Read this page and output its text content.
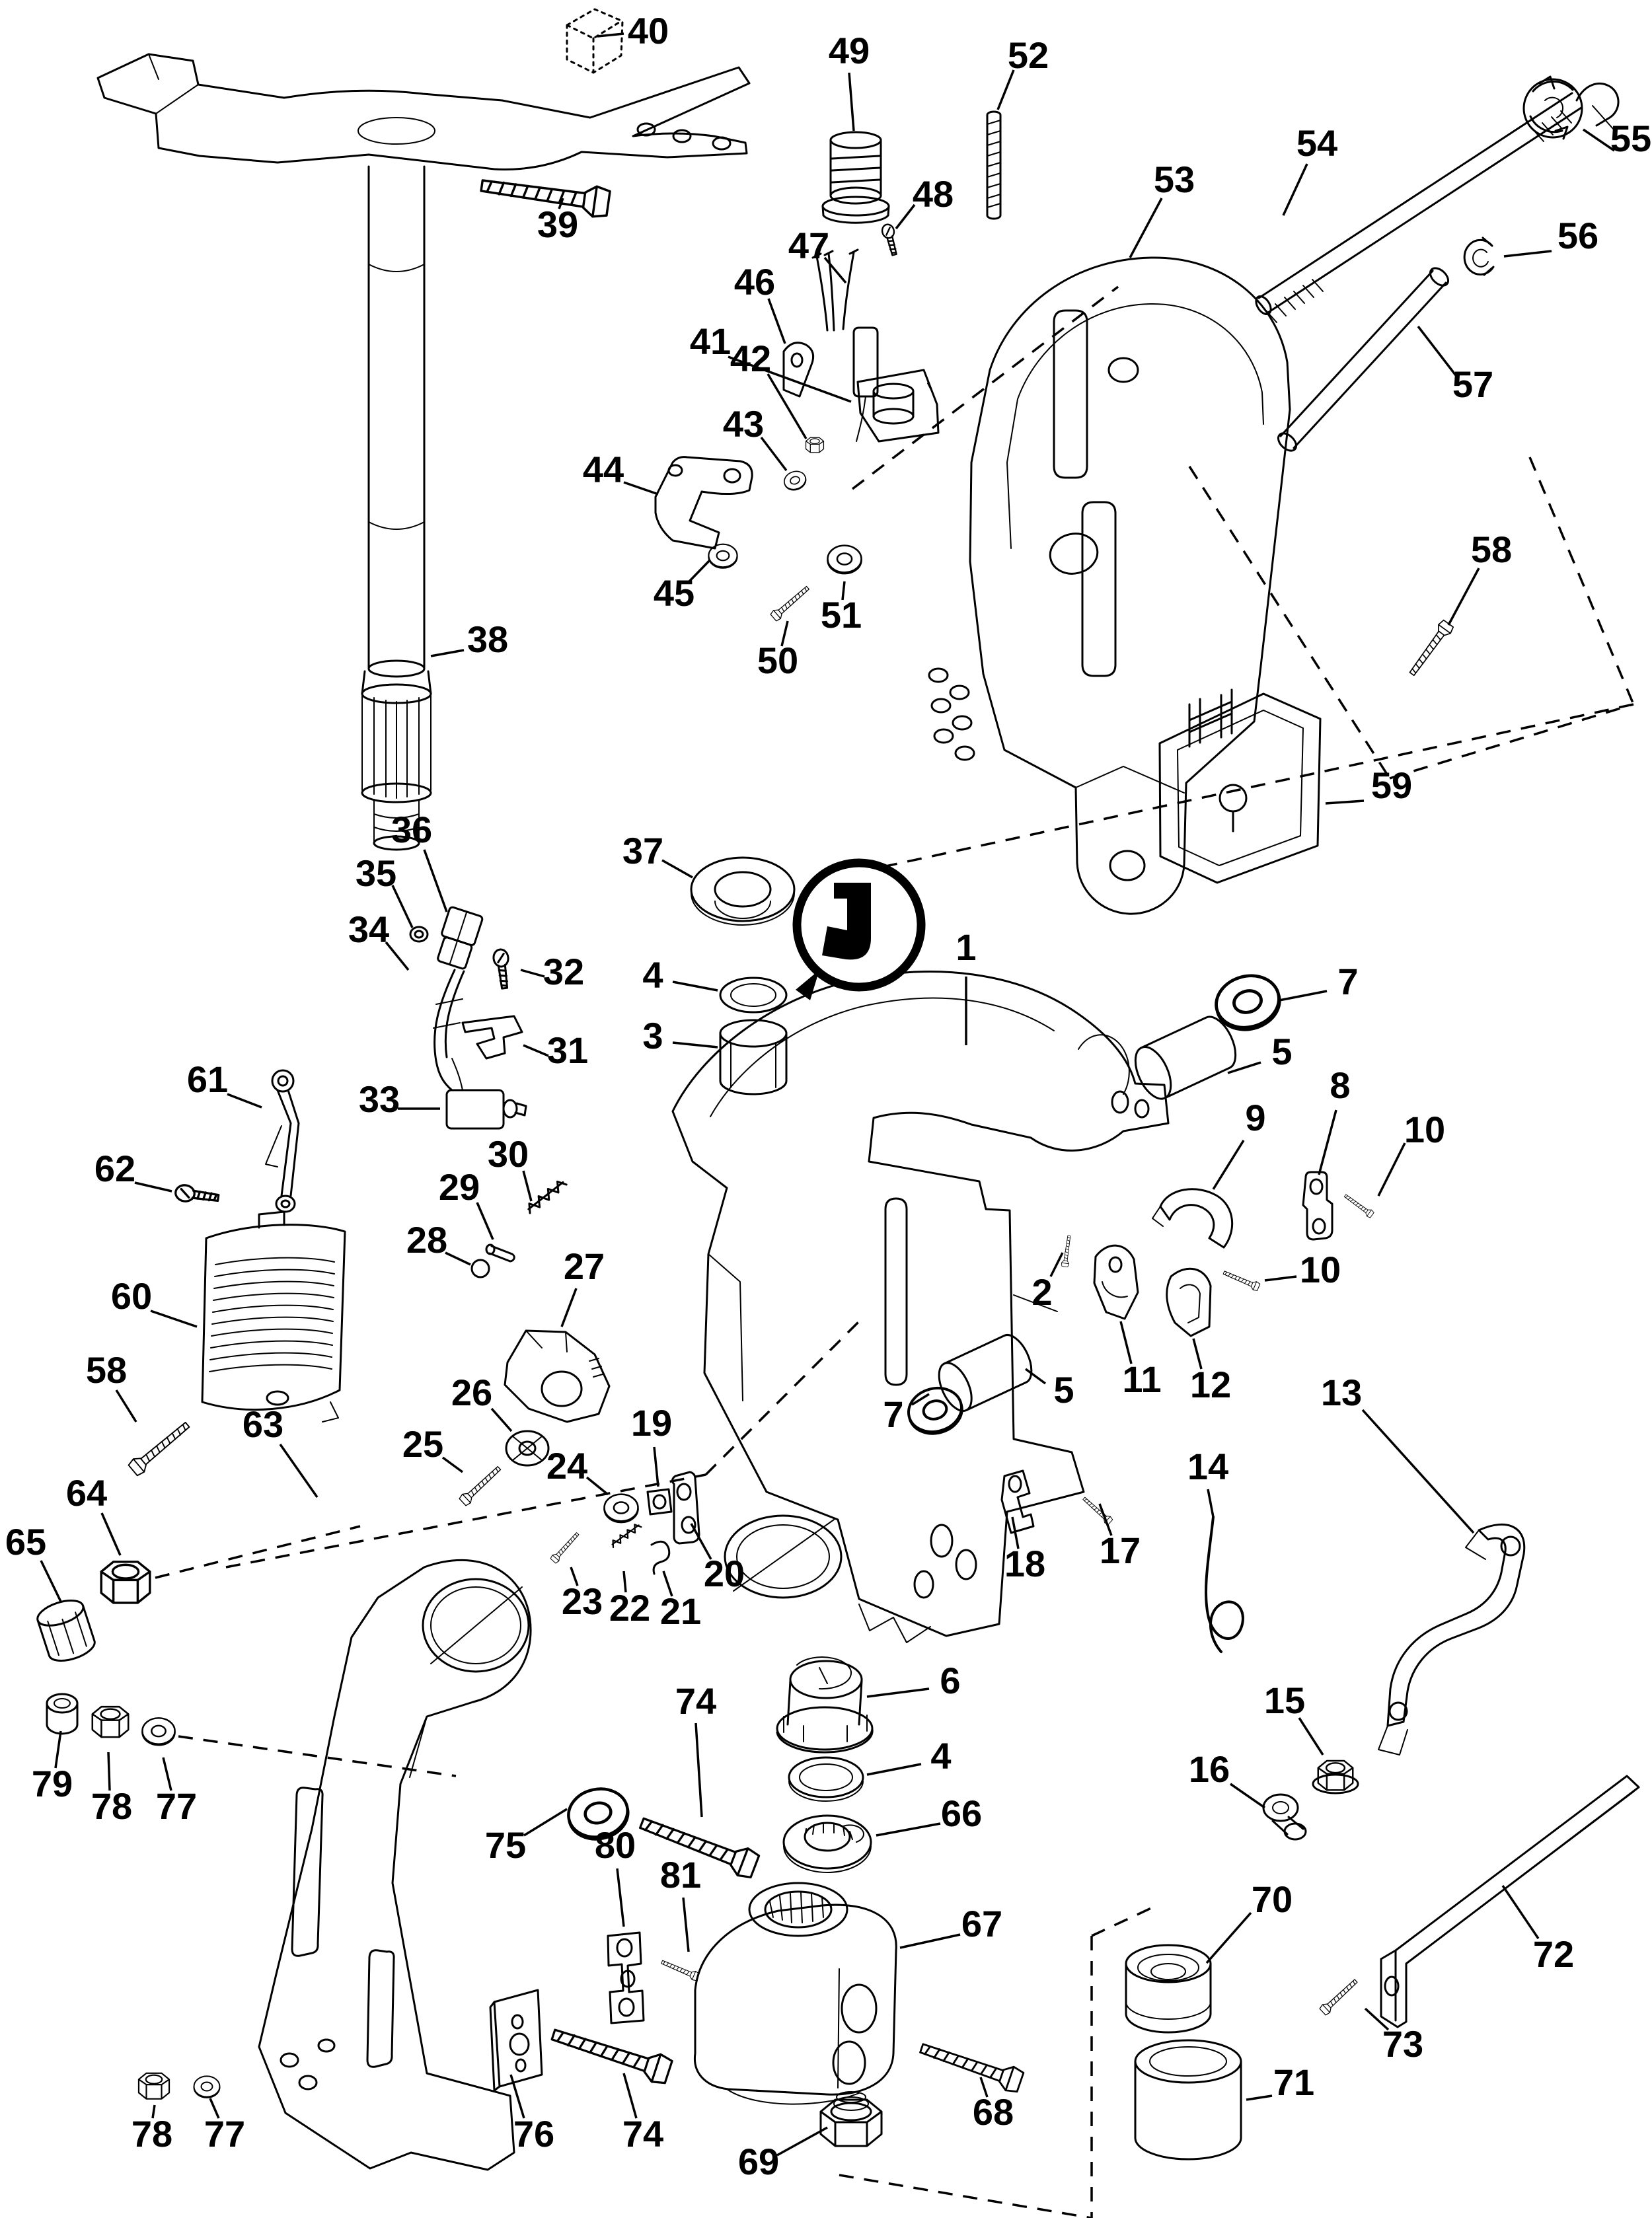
1
2
3
4
4
5
5
6
7
7
8
9	10
10
11 12 13
14
15
16
17
18
19
20
21
22
23
24
25
26
27
28
29
30
31
32
33
34
35
36
37
38
39
40
41
42
43
44
45
46
47
48
49
50
51
52
53
54	55
56
57
58
58
59
60
61
62
63
64
65
66
67
68
69
70
71
72
73
74
74
75
76
77
77
78
78
79
80
81
